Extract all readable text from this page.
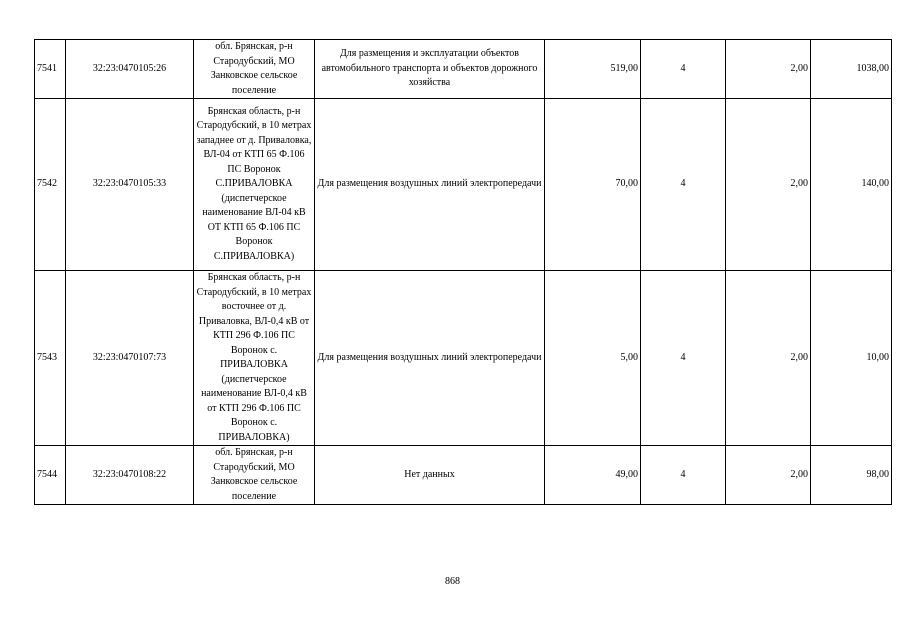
7541	32:23:0470105:26	обл. Брянская, р-н Стародубский, МО Занковское сельское поселение	Для размещения и эксплуатации объектов автомобильного транспорта и объектов дорожного хозяйства	519,00	4	2,00	1038,00
7542	32:23:0470105:33	Брянская область, р-н Стародубский, в 10 метрах западнее от д. Приваловка, ВЛ-04 от КТП 65 Ф.106 ПС Воронок С.ПРИВАЛОВКА (диспетчерское наименование ВЛ-04 кВ ОТ КТП 65 Ф.106 ПС Воронок С.ПРИВАЛОВКА)	Для размещения воздушных линий электропередачи	70,00	4	2,00	140,00
7543	32:23:0470107:73	Брянская область, р-н Стародубский, в 10 метрах восточнее от д. Приваловка, ВЛ-0,4 кВ от КТП 296 Ф.106 ПС Воронок с. ПРИВАЛОВКА (диспетчерское наименование ВЛ-0,4 кВ от КТП 296 Ф.106 ПС Воронок с. ПРИВАЛОВКА)	Для размещения воздушных линий электропередачи	5,00	4	2,00	10,00
7544	32:23:0470108:22	обл. Брянская, р-н Стародубский, МО Занковское сельское поселение	Нет данных	49,00	4	2,00	98,00
868
